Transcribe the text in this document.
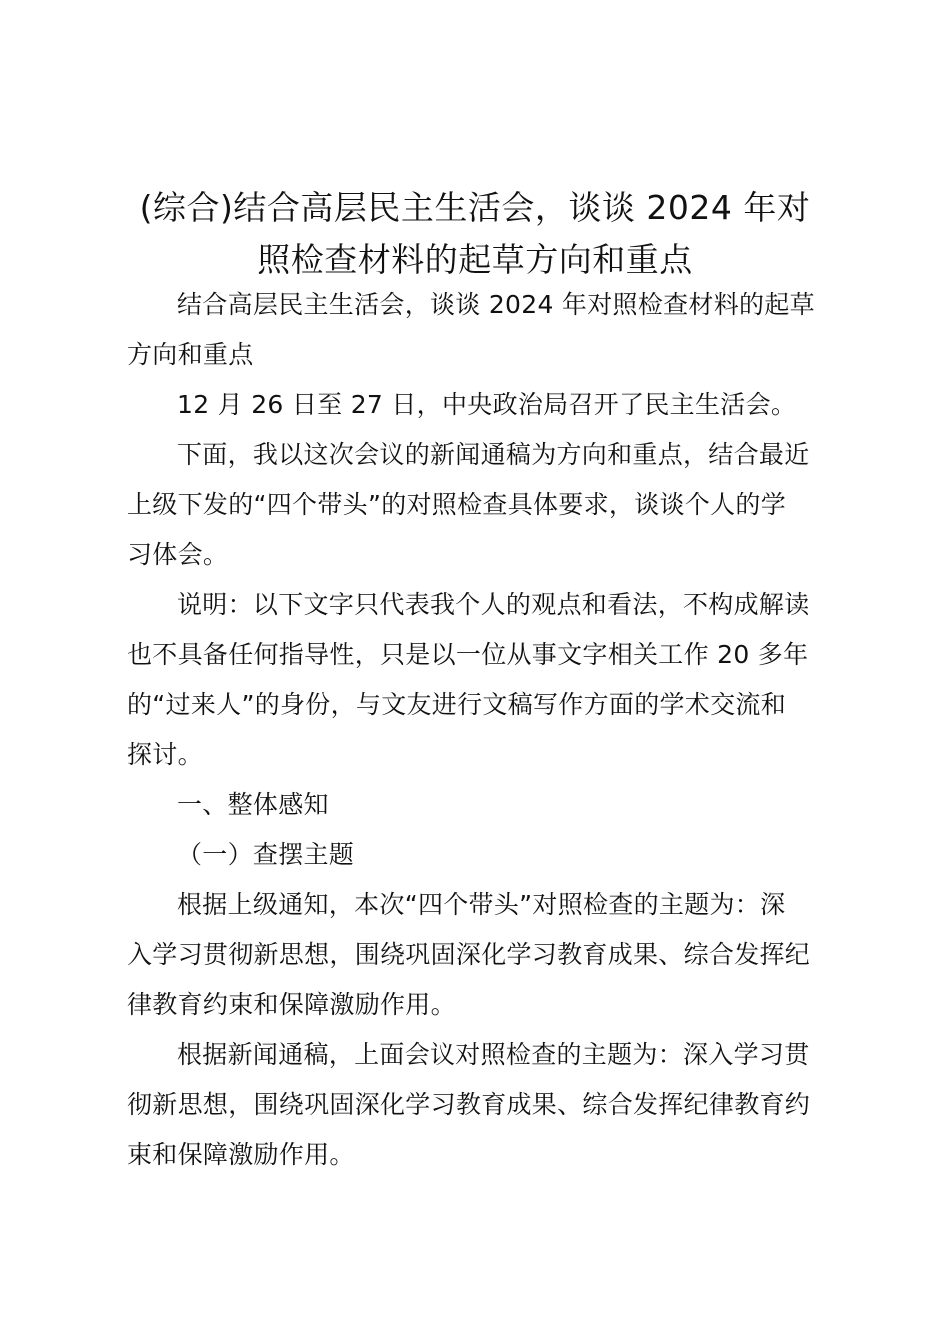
(综合)结合高层民主生活会，谈谈 2024 年对
照检查材料的起草方向和重点

结合高层民主生活会，谈谈 2024 年对照检查材料的起草
方向和重点

12 月 26 日至 27 日，中央政治局召开了民主生活会。

下面，我以这次会议的新闻通稿为方向和重点，结合最近
上级下发的“四个带头”的对照检查具体要求，谈谈个人的学
习体会。

说明：以下文字只代表我个人的观点和看法，不构成解读
也不具备任何指导性，只是以一位从事文字相关工作 20 多年
的“过来人”的身份，与文友进行文稿写作方面的学术交流和
探讨。

一、整体感知

（一）查摆主题

根据上级通知，本次“四个带头”对照检查的主题为：深
入学习贯彻新思想，围绕巩固深化学习教育成果、综合发挥纪
律教育约束和保障激励作用。

根据新闻通稿，上面会议对照检查的主题为：深入学习贯
彻新思想，围绕巩固深化学习教育成果、综合发挥纪律教育约
束和保障激励作用。
